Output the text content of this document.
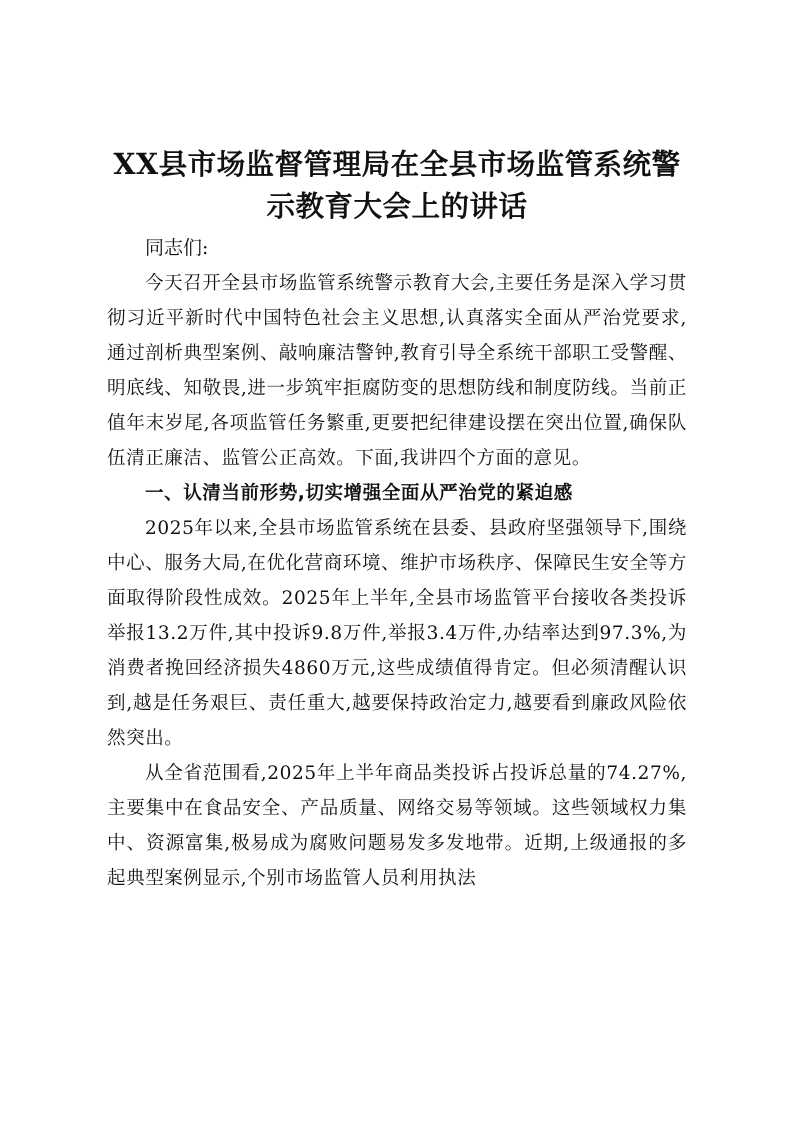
XX县市场监督管理局在全县市场监管系统警示教育大会上的讲话

同志们:

今天召开全县市场监管系统警示教育大会,主要任务是深入学习贯彻习近平新时代中国特色社会主义思想,认真落实全面从严治党要求,通过剖析典型案例、敲响廉洁警钟,教育引导全系统干部职工受警醒、明底线、知敬畏,进一步筑牢拒腐防变的思想防线和制度防线。当前正值年末岁尾,各项监管任务繁重,更要把纪律建设摆在突出位置,确保队伍清正廉洁、监管公正高效。下面,我讲四个方面的意见。

一、认清当前形势,切实增强全面从严治党的紧迫感

2025年以来,全县市场监管系统在县委、县政府坚强领导下,围绕中心、服务大局,在优化营商环境、维护市场秩序、保障民生安全等方面取得阶段性成效。2025年上半年,全县市场监管平台接收各类投诉举报13.2万件,其中投诉9.8万件,举报3.4万件,办结率达到97.3%,为消费者挽回经济损失4860万元,这些成绩值得肯定。但必须清醒认识到,越是任务艰巨、责任重大,越要保持政治定力,越要看到廉政风险依然突出。

从全省范围看,2025年上半年商品类投诉占投诉总量的74.27%,主要集中在食品安全、产品质量、网络交易等领域。这些领域权力集中、资源富集,极易成为腐败问题易发多发地带。近期,上级通报的多起典型案例显示,个别市场监管人员利用执法
